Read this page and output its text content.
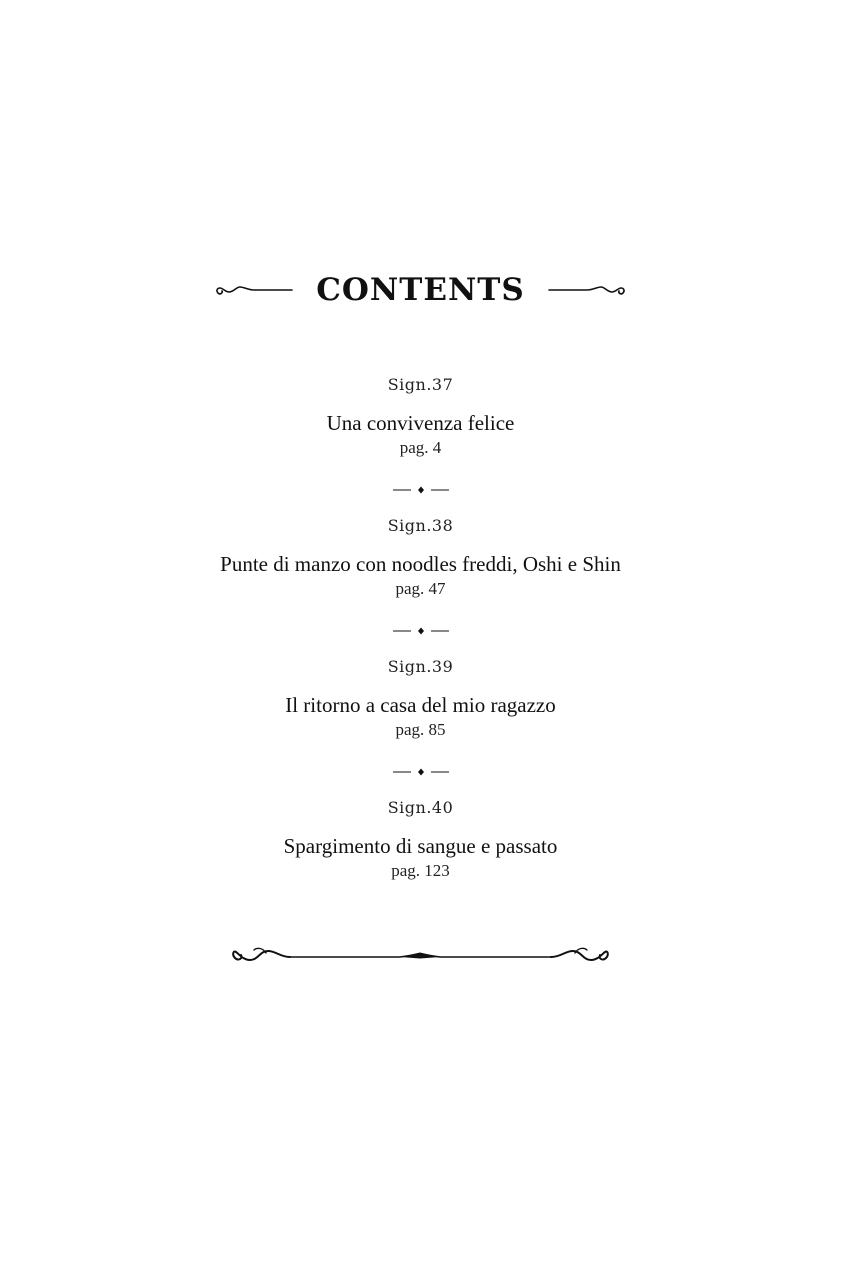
CONTENTS
Sign.37
Una convivenza felice
pag. 4
Sign.38
Punte di manzo con noodles freddi, Oshi e Shin
pag. 47
Sign.39
Il ritorno a casa del mio ragazzo
pag. 85
Sign.40
Spargimento di sangue e passato
pag. 123
